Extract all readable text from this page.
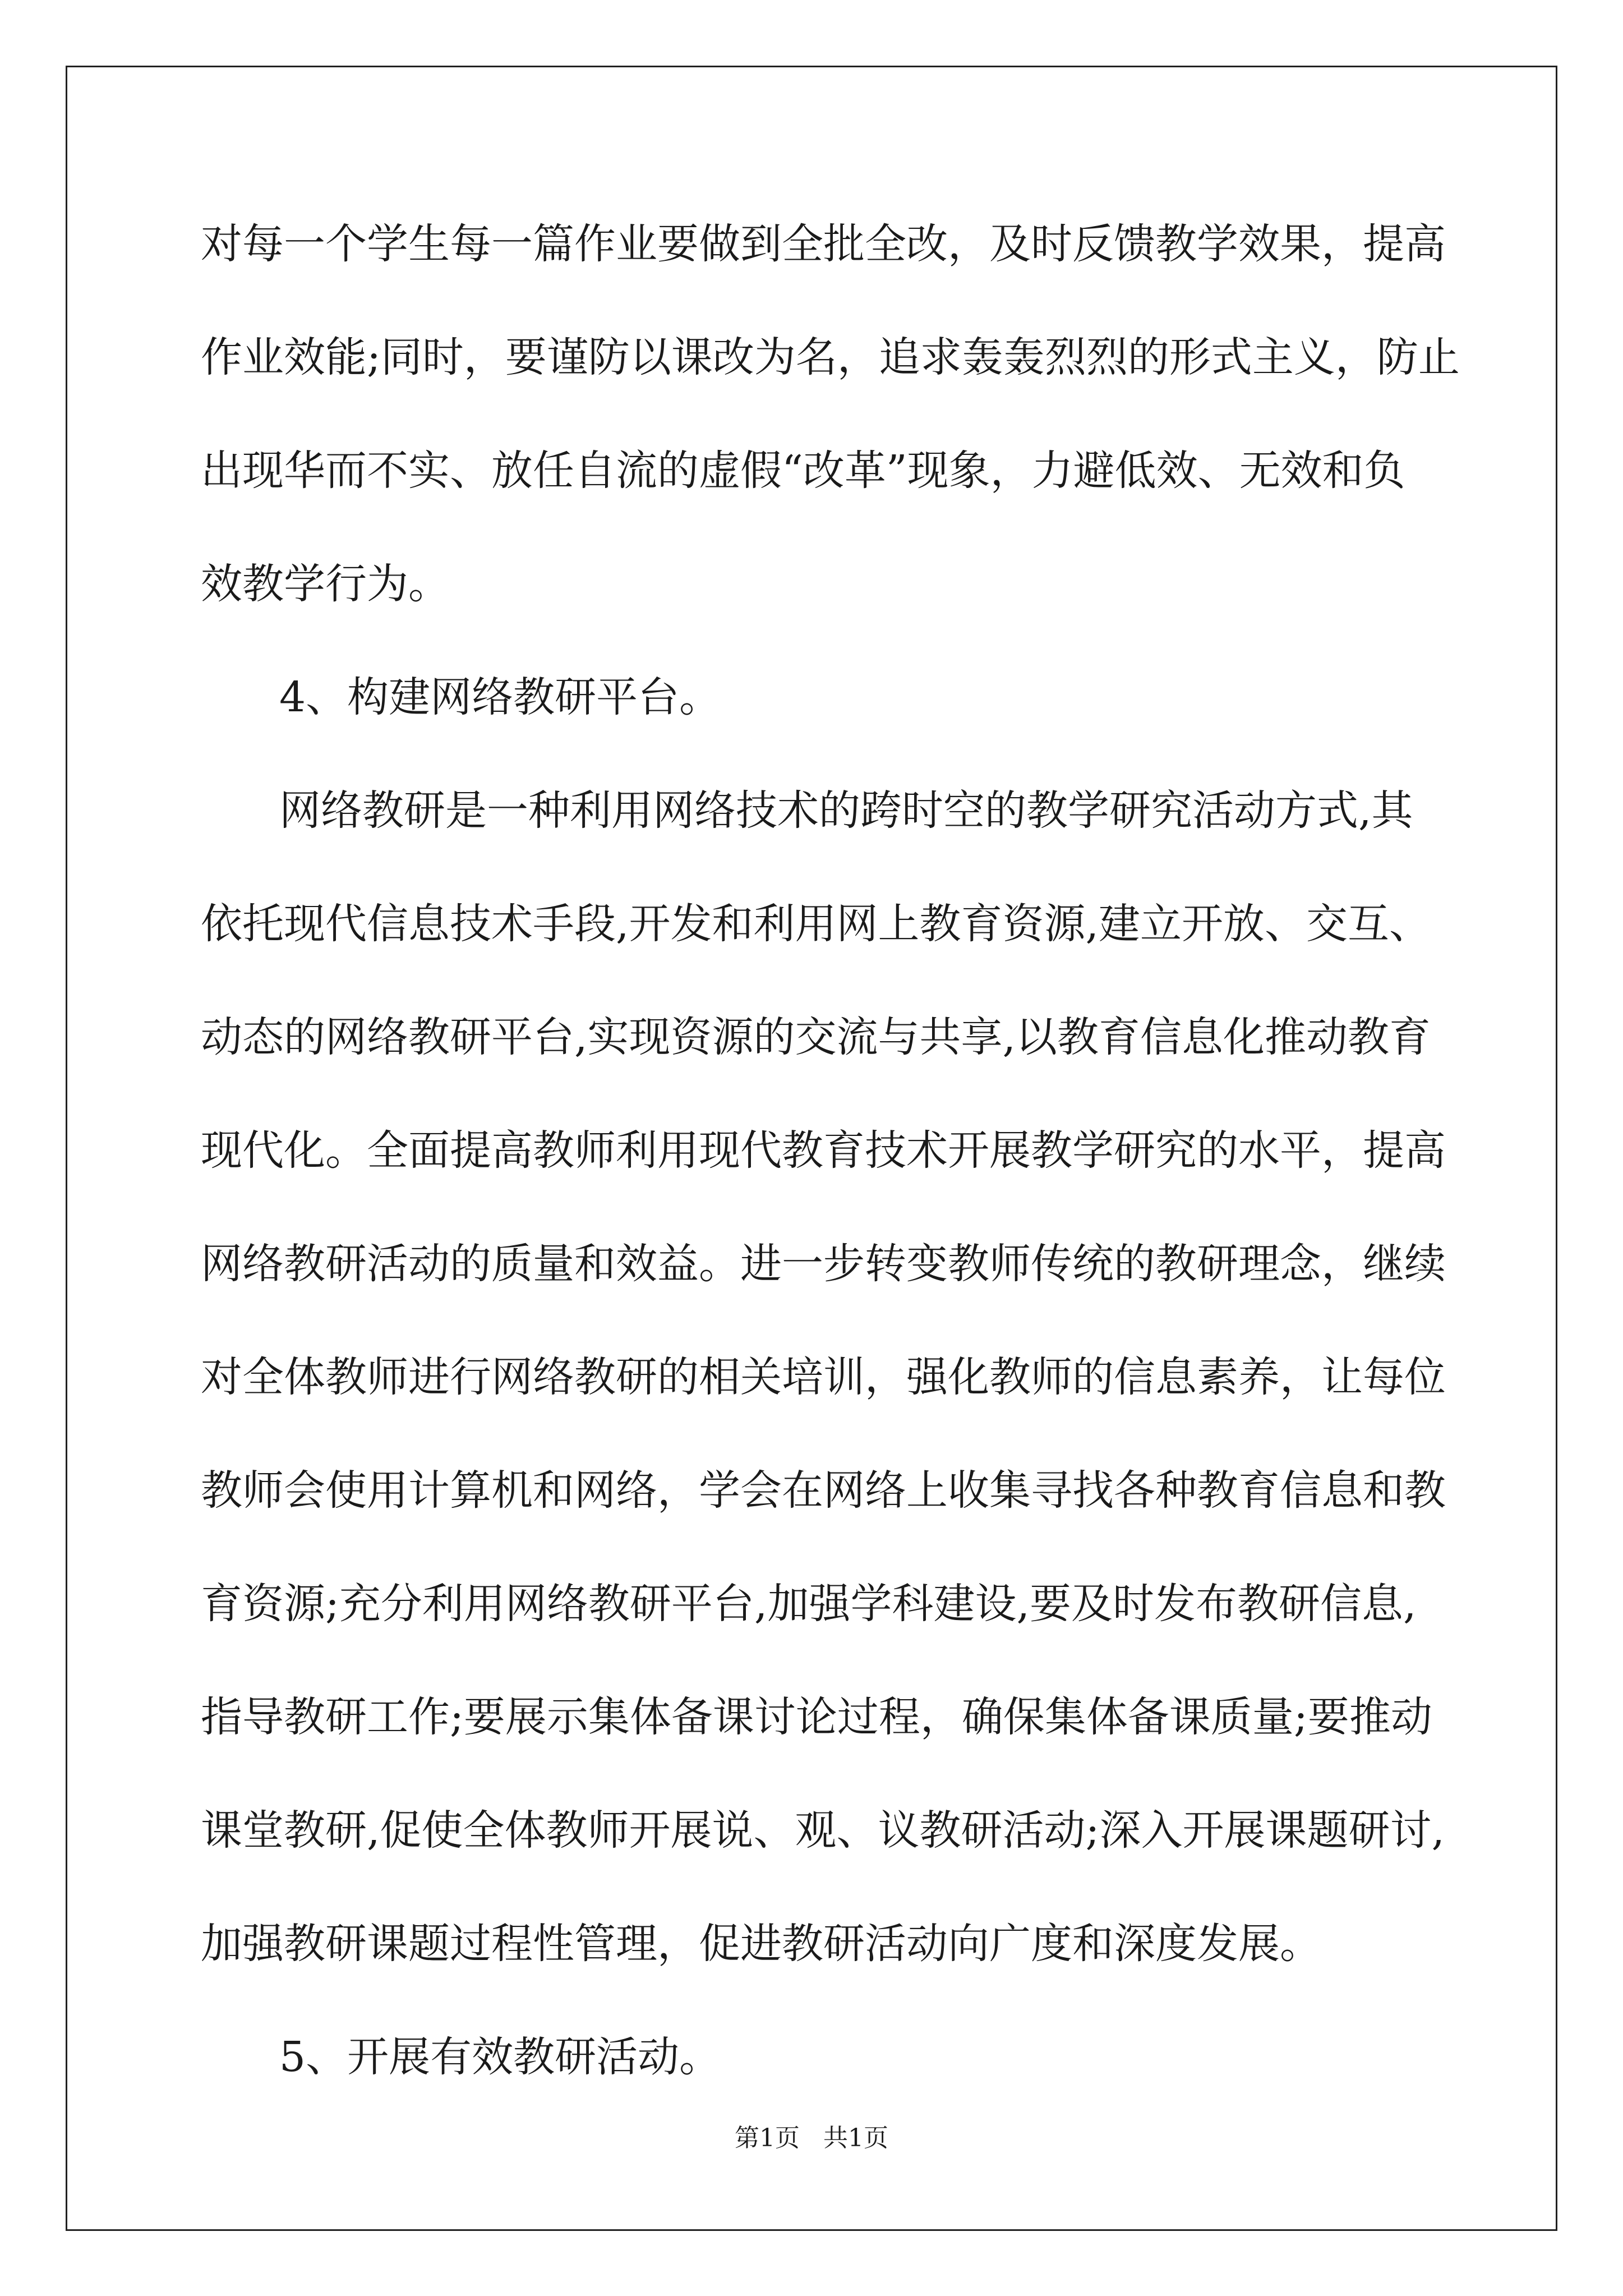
对每一个学生每一篇作业要做到全批全改，及时反馈教学效果，提高
作业效能;同时，要谨防以课改为名，追求轰轰烈烈的形式主义，防止
出现华而不实、放任自流的虚假“改革”现象，力避低效、无效和负
效教学行为。
4、构建网络教研平台。
网络教研是一种利用网络技术的跨时空的教学研究活动方式,其
依托现代信息技术手段,开发和利用网上教育资源,建立开放、交互、
动态的网络教研平台,实现资源的交流与共享,以教育信息化推动教育
现代化。全面提高教师利用现代教育技术开展教学研究的水平，提高
网络教研活动的质量和效益。进一步转变教师传统的教研理念，继续
对全体教师进行网络教研的相关培训，强化教师的信息素养，让每位
教师会使用计算机和网络，学会在网络上收集寻找各种教育信息和教
育资源;充分利用网络教研平台,加强学科建设,要及时发布教研信息,
指导教研工作;要展示集体备课讨论过程，确保集体备课质量;要推动
课堂教研,促使全体教师开展说、观、议教研活动;深入开展课题研讨,
加强教研课题过程性管理，促进教研活动向广度和深度发展。
5、开展有效教研活动。
第1页   共1页
